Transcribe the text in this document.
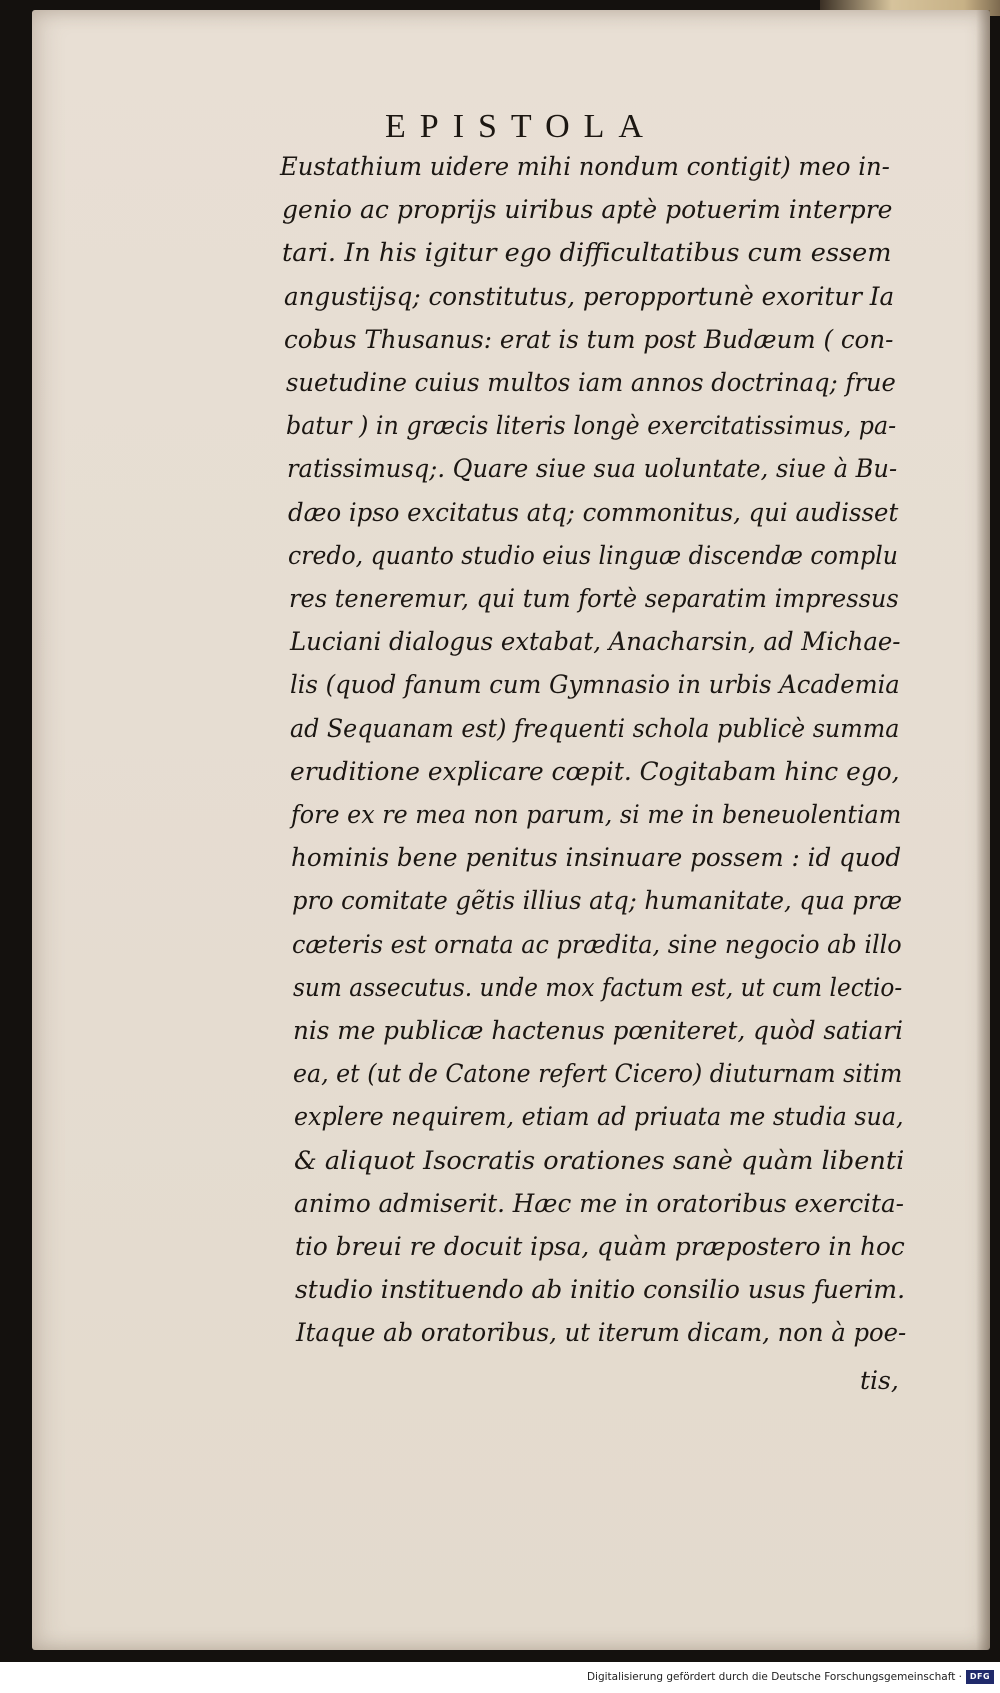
EPISTOLA
Eustathium uidere mihi nondum contigit) meo in-
genio ac proprijs uiribus aptè potuerim interpre
tari. In his igitur ego difficultatibus cum essem
angustijsq; constitutus, peropportunè exoritur Ia
cobus Thusanus: erat is tum post Budæum ( con-
suetudine cuius multos iam annos doctrinaq; frue
batur ) in græcis literis longè exercitatissimus, pa-
ratissimusq;. Quare siue sua uoluntate, siue à Bu-
dæo ipso excitatus atq; commonitus, qui audisset
credo, quanto studio eius linguæ discendæ complu
res teneremur, qui tum fortè separatim impressus
Luciani dialogus extabat, Anacharsin, ad Michae-
lis (quod fanum cum Gymnasio in urbis Academia
ad Sequanam est) frequenti schola publicè summa
eruditione explicare cœpit. Cogitabam hinc ego,
fore ex re mea non parum, si me in beneuolentiam
hominis bene penitus insinuare possem : id quod
pro comitate gẽtis illius atq; humanitate, qua præ
cæteris est ornata ac prædita, sine negocio ab illo
sum assecutus. unde mox factum est, ut cum lectio-
nis me publicæ hactenus pœniteret, quòd satiari
ea, et (ut de Catone refert Cicero) diuturnam sitim
explere nequirem, etiam ad priuata me studia sua,
& aliquot Isocratis orationes sanè quàm libenti
animo admiserit. Hæc me in oratoribus exercita-
tio breui re docuit ipsa, quàm præpostero in hoc
studio instituendo ab initio consilio usus fuerim.
Itaque ab oratoribus, ut iterum dicam, non à poe-
tis,
Digitalisierung gefördert durch die Deutsche Forschungsgemeinschaft · DFG
